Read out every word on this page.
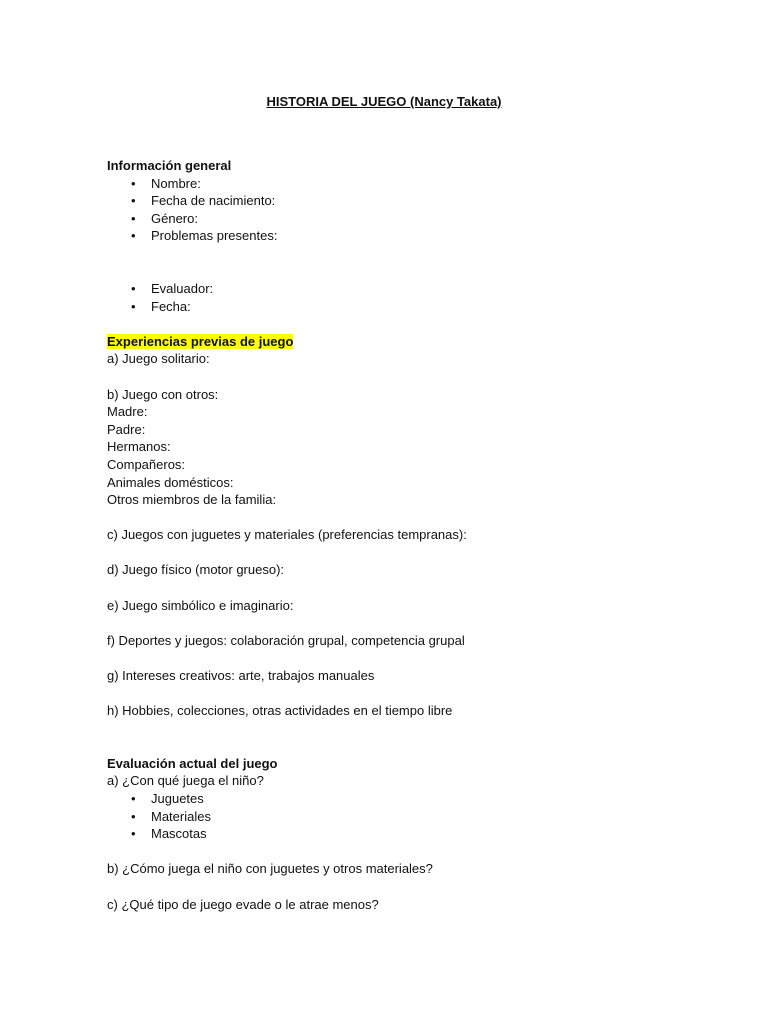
HISTORIA DEL JUEGO (Nancy Takata)

Información general

• Nombre:
• Fecha de nacimiento:
• Género:
• Problemas presentes:
• Evaluador:
• Fecha:

Experiencias previas de juego

a) Juego solitario:

b) Juego con otros:

Madre:

Padre:

Hermanos:

Compañeros:

Animales domésticos:

Otros miembros de la familia:

c) Juegos con juguetes y materiales (preferencias tempranas):

d) Juego físico (motor grueso):

e) Juego simbólico e imaginario:

f) Deportes y juegos: colaboración grupal, competencia grupal

g) Intereses creativos: arte, trabajos manuales

h) Hobbies, colecciones, otras actividades en el tiempo libre

Evaluación actual del juego

a) ¿Con qué juega el niño?

• Juguetes
• Materiales
• Mascotas

b) ¿Cómo juega el niño con juguetes y otros materiales?

c) ¿Qué tipo de juego evade o le atrae menos?
